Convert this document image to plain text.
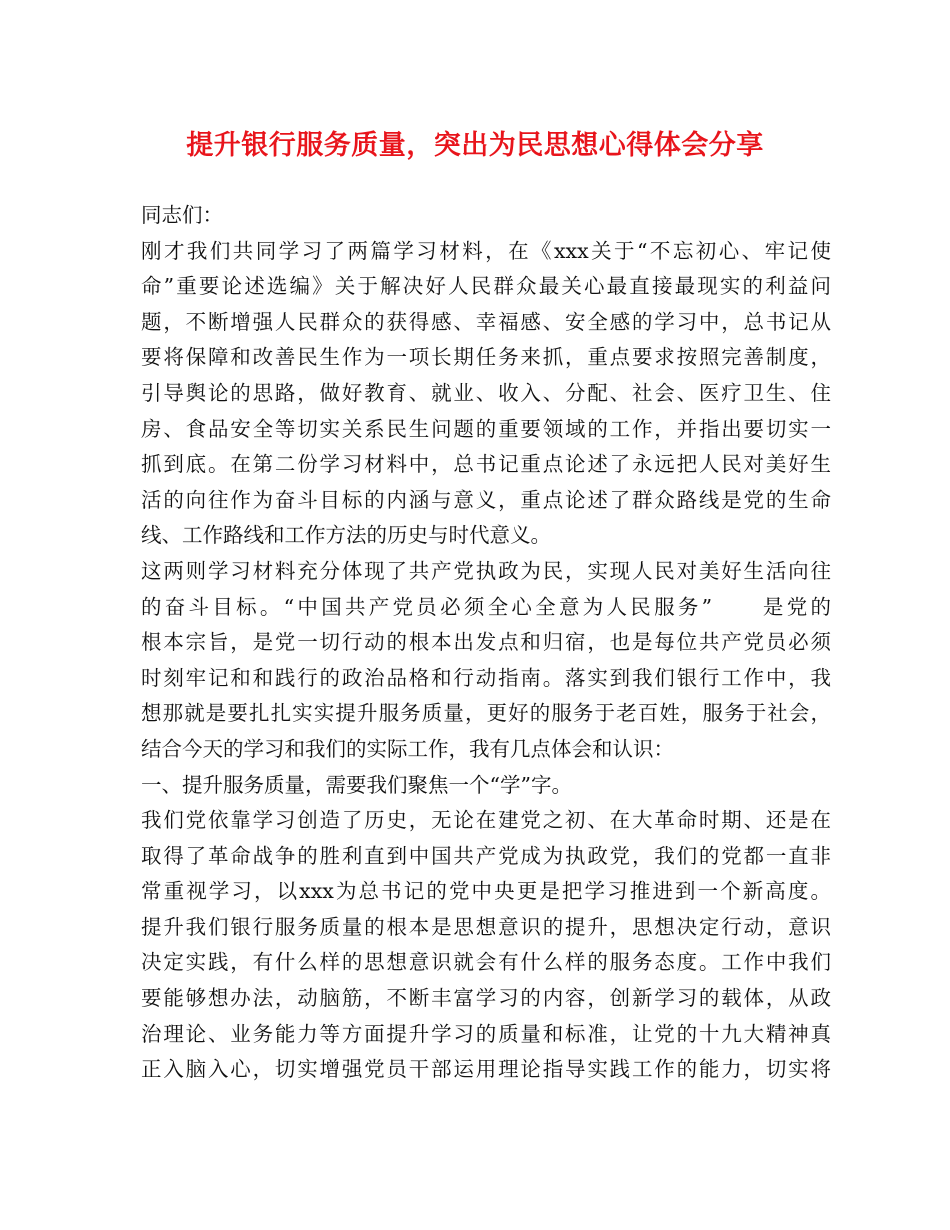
提升银行服务质量，突出为民思想心得体会分享
同志们：
刚才我们共同学习了两篇学习材料，在《xxx关于“不忘初心、牢记使
命”重要论述选编》关于解决好人民群众最关心最直接最现实的利益问
题，不断增强人民群众的获得感、幸福感、安全感的学习中，总书记从
要将保障和改善民生作为一项长期任务来抓，重点要求按照完善制度，
引导舆论的思路，做好教育、就业、收入、分配、社会、医疗卫生、住
房、食品安全等切实关系民生问题的重要领域的工作，并指出要切实一
抓到底。在第二份学习材料中，总书记重点论述了永远把人民对美好生
活的向往作为奋斗目标的内涵与意义，重点论述了群众路线是党的生命
线、工作路线和工作方法的历史与时代意义。
这两则学习材料充分体现了共产党执政为民，实现人民对美好生活向往
的奋斗目标。“中国共产党员必须全心全意为人民服务”　　是党的
根本宗旨，是党一切行动的根本出发点和归宿，也是每位共产党员必须
时刻牢记和和践行的政治品格和行动指南。落实到我们银行工作中，我
想那就是要扎扎实实提升服务质量，更好的服务于老百姓，服务于社会，
结合今天的学习和我们的实际工作，我有几点体会和认识：
一、提升服务质量，需要我们聚焦一个“学”字。
我们党依靠学习创造了历史，无论在建党之初、在大革命时期、还是在
取得了革命战争的胜利直到中国共产党成为执政党，我们的党都一直非
常重视学习，以xxx为总书记的党中央更是把学习推进到一个新高度。
提升我们银行服务质量的根本是思想意识的提升，思想决定行动，意识
决定实践，有什么样的思想意识就会有什么样的服务态度。工作中我们
要能够想办法，动脑筋，不断丰富学习的内容，创新学习的载体，从政
治理论、业务能力等方面提升学习的质量和标准，让党的十九大精神真
正入脑入心，切实增强党员干部运用理论指导实践工作的能力，切实将
